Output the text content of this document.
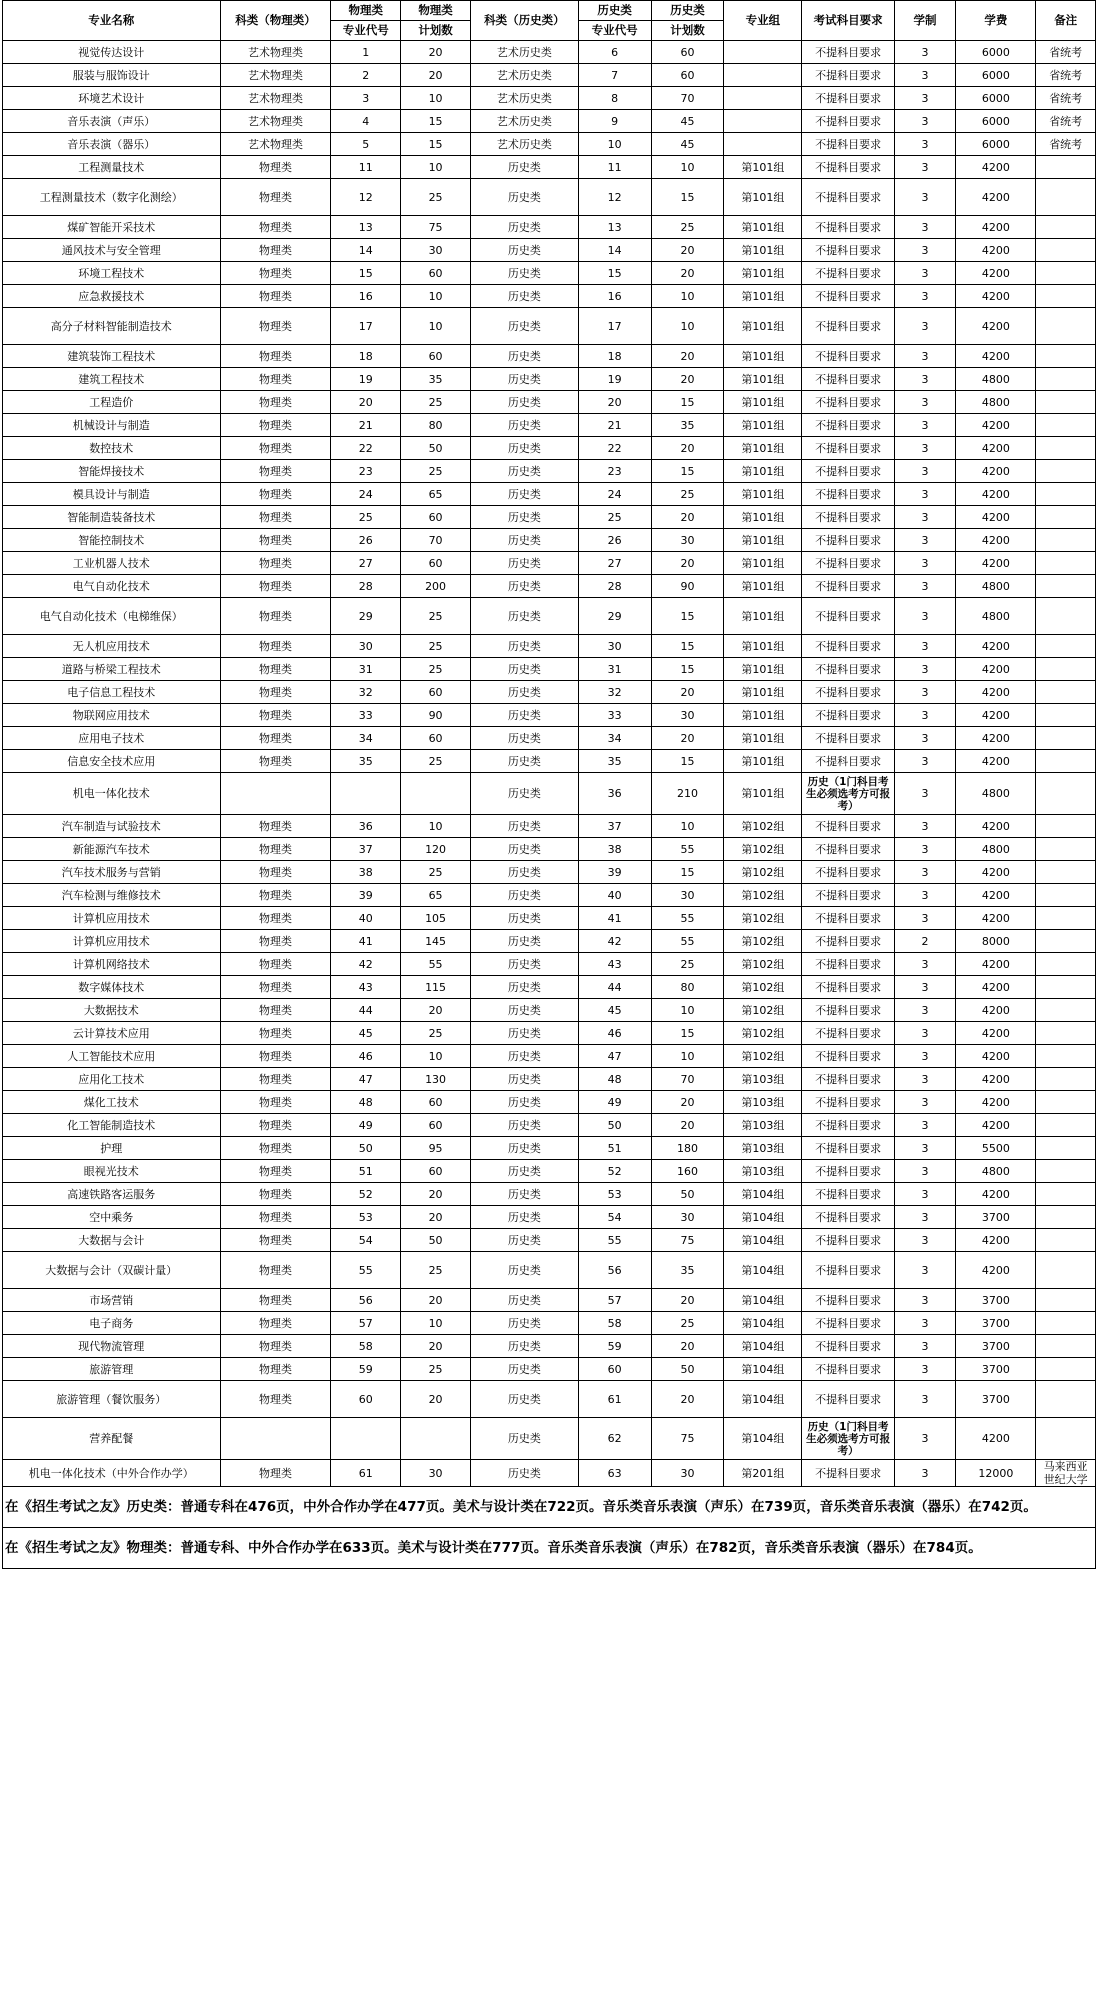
专业名称	科类（物理类）	物理类	物理类	科类（历史类）	历史类	历史类	专业组	考试科目要求	学制	学费	备注
		专业代号	计划数		专业代号	计划数					
视觉传达设计	艺术物理类	1	20	艺术历史类	6	60		不提科目要求	3	6000	省统考
服装与服饰设计	艺术物理类	2	20	艺术历史类	7	60		不提科目要求	3	6000	省统考
环境艺术设计	艺术物理类	3	10	艺术历史类	8	70		不提科目要求	3	6000	省统考
音乐表演（声乐）	艺术物理类	4	15	艺术历史类	9	45		不提科目要求	3	6000	省统考
音乐表演（器乐）	艺术物理类	5	15	艺术历史类	10	45		不提科目要求	3	6000	省统考
工程测量技术	物理类	11	10	历史类	11	10	第101组	不提科目要求	3	4200	
工程测量技术（数字化测绘）	物理类	12	25	历史类	12	15	第101组	不提科目要求	3	4200	
煤矿智能开采技术	物理类	13	75	历史类	13	25	第101组	不提科目要求	3	4200	
通风技术与安全管理	物理类	14	30	历史类	14	20	第101组	不提科目要求	3	4200	
环境工程技术	物理类	15	60	历史类	15	20	第101组	不提科目要求	3	4200	
应急救援技术	物理类	16	10	历史类	16	10	第101组	不提科目要求	3	4200	
高分子材料智能制造技术	物理类	17	10	历史类	17	10	第101组	不提科目要求	3	4200	
建筑装饰工程技术	物理类	18	60	历史类	18	20	第101组	不提科目要求	3	4200	
建筑工程技术	物理类	19	35	历史类	19	20	第101组	不提科目要求	3	4800	
工程造价	物理类	20	25	历史类	20	15	第101组	不提科目要求	3	4800	
机械设计与制造	物理类	21	80	历史类	21	35	第101组	不提科目要求	3	4200	
数控技术	物理类	22	50	历史类	22	20	第101组	不提科目要求	3	4200	
智能焊接技术	物理类	23	25	历史类	23	15	第101组	不提科目要求	3	4200	
模具设计与制造	物理类	24	65	历史类	24	25	第101组	不提科目要求	3	4200	
智能制造装备技术	物理类	25	60	历史类	25	20	第101组	不提科目要求	3	4200	
智能控制技术	物理类	26	70	历史类	26	30	第101组	不提科目要求	3	4200	
工业机器人技术	物理类	27	60	历史类	27	20	第101组	不提科目要求	3	4200	
电气自动化技术	物理类	28	200	历史类	28	90	第101组	不提科目要求	3	4800	
电气自动化技术（电梯维保）	物理类	29	25	历史类	29	15	第101组	不提科目要求	3	4800	
无人机应用技术	物理类	30	25	历史类	30	15	第101组	不提科目要求	3	4200	
道路与桥梁工程技术	物理类	31	25	历史类	31	15	第101组	不提科目要求	3	4200	
电子信息工程技术	物理类	32	60	历史类	32	20	第101组	不提科目要求	3	4200	
物联网应用技术	物理类	33	90	历史类	33	30	第101组	不提科目要求	3	4200	
应用电子技术	物理类	34	60	历史类	34	20	第101组	不提科目要求	3	4200	
信息安全技术应用	物理类	35	25	历史类	35	15	第101组	不提科目要求	3	4200	
机电一体化技术				历史类	36	210	第101组	历史（1门科目考生必须选考方可报考）	3	4800	
汽车制造与试验技术	物理类	36	10	历史类	37	10	第102组	不提科目要求	3	4200	
新能源汽车技术	物理类	37	120	历史类	38	55	第102组	不提科目要求	3	4800	
汽车技术服务与营销	物理类	38	25	历史类	39	15	第102组	不提科目要求	3	4200	
汽车检测与维修技术	物理类	39	65	历史类	40	30	第102组	不提科目要求	3	4200	
计算机应用技术	物理类	40	105	历史类	41	55	第102组	不提科目要求	3	4200	
计算机应用技术	物理类	41	145	历史类	42	55	第102组	不提科目要求	2	8000	
计算机网络技术	物理类	42	55	历史类	43	25	第102组	不提科目要求	3	4200	
数字媒体技术	物理类	43	115	历史类	44	80	第102组	不提科目要求	3	4200	
大数据技术	物理类	44	20	历史类	45	10	第102组	不提科目要求	3	4200	
云计算技术应用	物理类	45	25	历史类	46	15	第102组	不提科目要求	3	4200	
人工智能技术应用	物理类	46	10	历史类	47	10	第102组	不提科目要求	3	4200	
应用化工技术	物理类	47	130	历史类	48	70	第103组	不提科目要求	3	4200	
煤化工技术	物理类	48	60	历史类	49	20	第103组	不提科目要求	3	4200	
化工智能制造技术	物理类	49	60	历史类	50	20	第103组	不提科目要求	3	4200	
护理	物理类	50	95	历史类	51	180	第103组	不提科目要求	3	5500	
眼视光技术	物理类	51	60	历史类	52	160	第103组	不提科目要求	3	4800	
高速铁路客运服务	物理类	52	20	历史类	53	50	第104组	不提科目要求	3	4200	
空中乘务	物理类	53	20	历史类	54	30	第104组	不提科目要求	3	3700	
大数据与会计	物理类	54	50	历史类	55	75	第104组	不提科目要求	3	4200	
大数据与会计（双碳计量）	物理类	55	25	历史类	56	35	第104组	不提科目要求	3	4200	
市场营销	物理类	56	20	历史类	57	20	第104组	不提科目要求	3	3700	
电子商务	物理类	57	10	历史类	58	25	第104组	不提科目要求	3	3700	
现代物流管理	物理类	58	20	历史类	59	20	第104组	不提科目要求	3	3700	
旅游管理	物理类	59	25	历史类	60	50	第104组	不提科目要求	3	3700	
旅游管理（餐饮服务）	物理类	60	20	历史类	61	20	第104组	不提科目要求	3	3700	
营养配餐				历史类	62	75	第104组	历史（1门科目考生必须选考方可报考）	3	4200	
机电一体化技术（中外合作办学）	物理类	61	30	历史类	63	30	第201组	不提科目要求	3	12000	马来西亚世纪大学
在《招生考试之友》历史类：普通专科在476页，中外合作办学在477页。美术与设计类在722页。音乐类音乐表演（声乐）在739页，音乐类音乐表演（器乐）在742页。											
在《招生考试之友》物理类：普通专科、中外合作办学在633页。美术与设计类在777页。音乐类音乐表演（声乐）在782页，音乐类音乐表演（器乐）在784页。											
